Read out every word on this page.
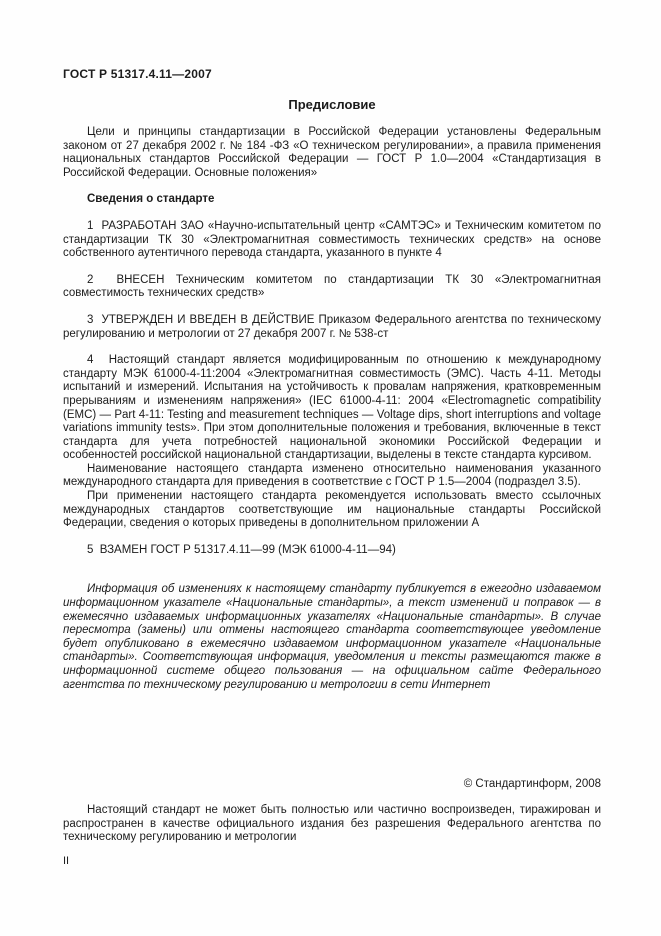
ГОСТ Р 51317.4.11—2007
Предисловие

Цели и принципы стандартизации в Российской Федерации установлены Федеральным законом от 27 декабря 2002 г. № 184 -ФЗ «О техническом регулировании», а правила применения национальных стандартов Российской Федерации — ГОСТ Р 1.0—2004 «Стандартизация в Российской Федерации. Основные положения»

Сведения о стандарте

1  РАЗРАБОТАН ЗАО «Научно-испытательный центр «САМТЭС» и Техническим комитетом по стандартизации ТК 30 «Электромагнитная совместимость технических средств» на основе собственного аутентичного перевода стандарта, указанного в пункте 4

2  ВНЕСЕН Техническим комитетом по стандартизации ТК 30 «Электромагнитная совместимость технических средств»

3  УТВЕРЖДЕН И ВВЕДЕН В ДЕЙСТВИЕ Приказом Федерального агентства по техническому регулированию и метрологии от 27 декабря 2007 г. № 538-ст

4  Настоящий стандарт является модифицированным по отношению к международному стандарту МЭК 61000-4-11:2004 «Электромагнитная совместимость (ЭМС). Часть 4-11. Методы испытаний и измерений. Испытания на устойчивость к провалам напряжения, кратковременным прерываниям и изменениям напряжения» (IEC 61000-4-11: 2004 «Electromagnetic compatibility (EMC) — Part 4-11: Testing and measurement techniques — Voltage dips, short interruptions and voltage variations immunity tests». При этом дополнительные положения и требования, включенные в текст стандарта для учета потребностей национальной экономики Российской Федерации и особенностей российской национальной стандартизации, выделены в тексте стандарта курсивом.

Наименование настоящего стандарта изменено относительно наименования указанного международного стандарта для приведения в соответствие с ГОСТ Р 1.5—2004 (подраздел 3.5).

При применении настоящего стандарта рекомендуется использовать вместо ссылочных международных стандартов соответствующие им национальные стандарты Российской Федерации, сведения о которых приведены в дополнительном приложении А

5  ВЗАМЕН ГОСТ Р 51317.4.11—99 (МЭК 61000-4-11—94)

Информация об изменениях к настоящему стандарту публикуется в ежегодно издаваемом информационном указателе «Национальные стандарты», а текст изменений и поправок — в ежемесячно издаваемых информационных указателях «Национальные стандарты». В случае пересмотра (замены) или отмены настоящего стандарта соответствующее уведомление будет опубликовано в ежемесячно издаваемом информационном указателе «Национальные стандарты». Соответствующая информация, уведомления и тексты размещаются также в информационной системе общего пользования — на официальном сайте Федерального агентства по техническому регулированию и метрологии в сети Интернет

© Стандартинформ, 2008

Настоящий стандарт не может быть полностью или частично воспроизведен, тиражирован и распространен в качестве официального издания без разрешения Федерального агентства по техническому регулированию и метрологии

II
